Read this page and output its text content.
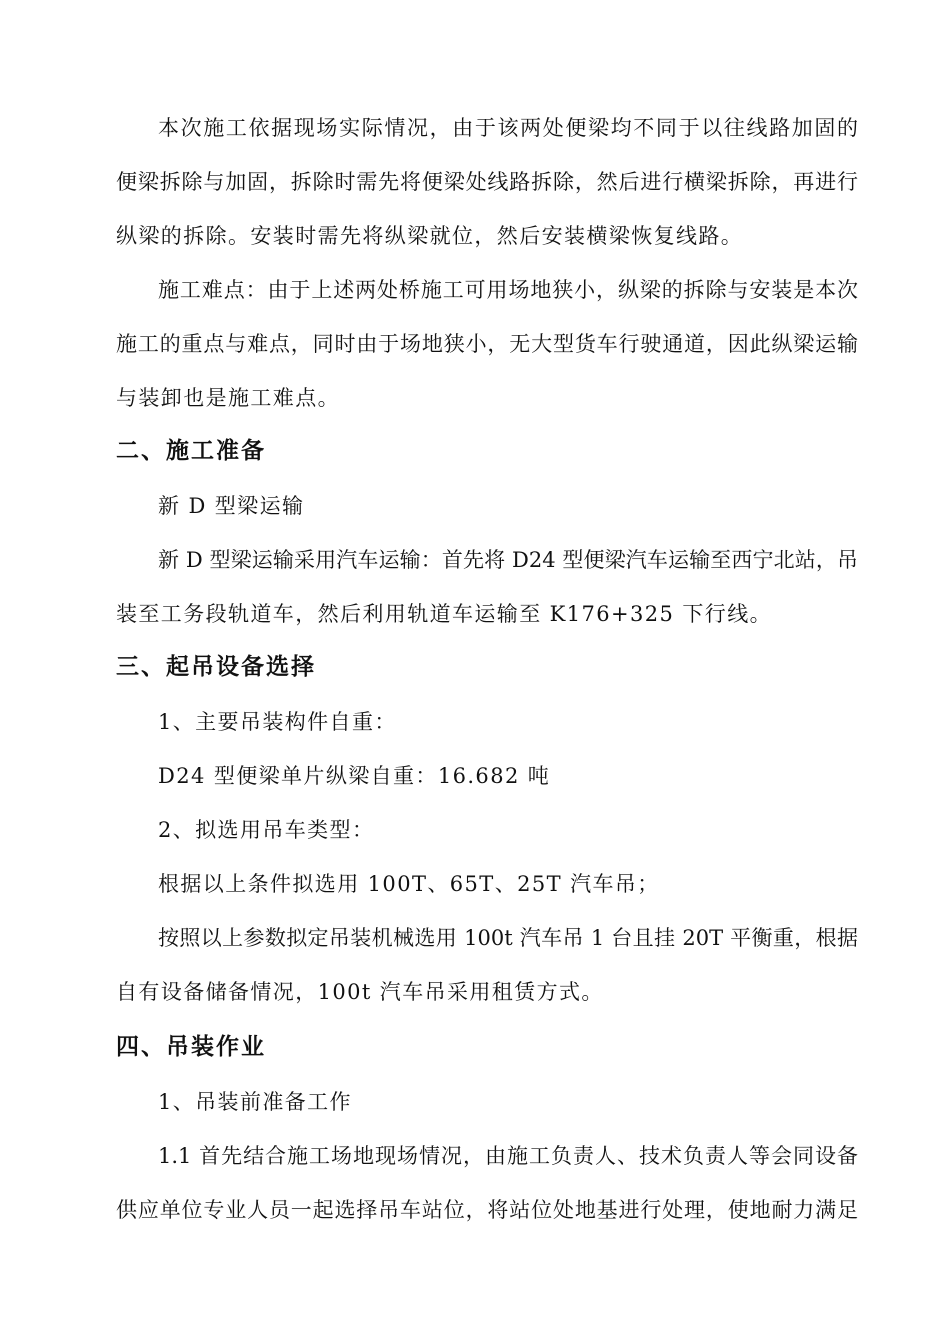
本次施工依据现场实际情况，由于该两处便梁均不同于以往线路加固的

便梁拆除与加固，拆除时需先将便梁处线路拆除，然后进行横梁拆除，再进行

纵梁的拆除。安装时需先将纵梁就位，然后安装横梁恢复线路。

施工难点：由于上述两处桥施工可用场地狭小，纵梁的拆除与安装是本次

施工的重点与难点，同时由于场地狭小，无大型货车行驶通道，因此纵梁运输

与装卸也是施工难点。

二、施工准备

新 D 型梁运输

新 D 型梁运输采用汽车运输：首先将 D24 型便梁汽车运输至西宁北站，吊

装至工务段轨道车，然后利用轨道车运输至 K176+325 下行线。

三、起吊设备选择

1、主要吊装构件自重：

D24 型便梁单片纵梁自重：16.682 吨

2、拟选用吊车类型：

根据以上条件拟选用 100T、65T、25T 汽车吊；

按照以上参数拟定吊装机械选用 100t 汽车吊 1 台且挂 20T 平衡重，根据

自有设备储备情况，100t 汽车吊采用租赁方式。

四、吊装作业

1、吊装前准备工作

1.1 首先结合施工场地现场情况，由施工负责人、技术负责人等会同设备

供应单位专业人员一起选择吊车站位，将站位处地基进行处理，使地耐力满足
